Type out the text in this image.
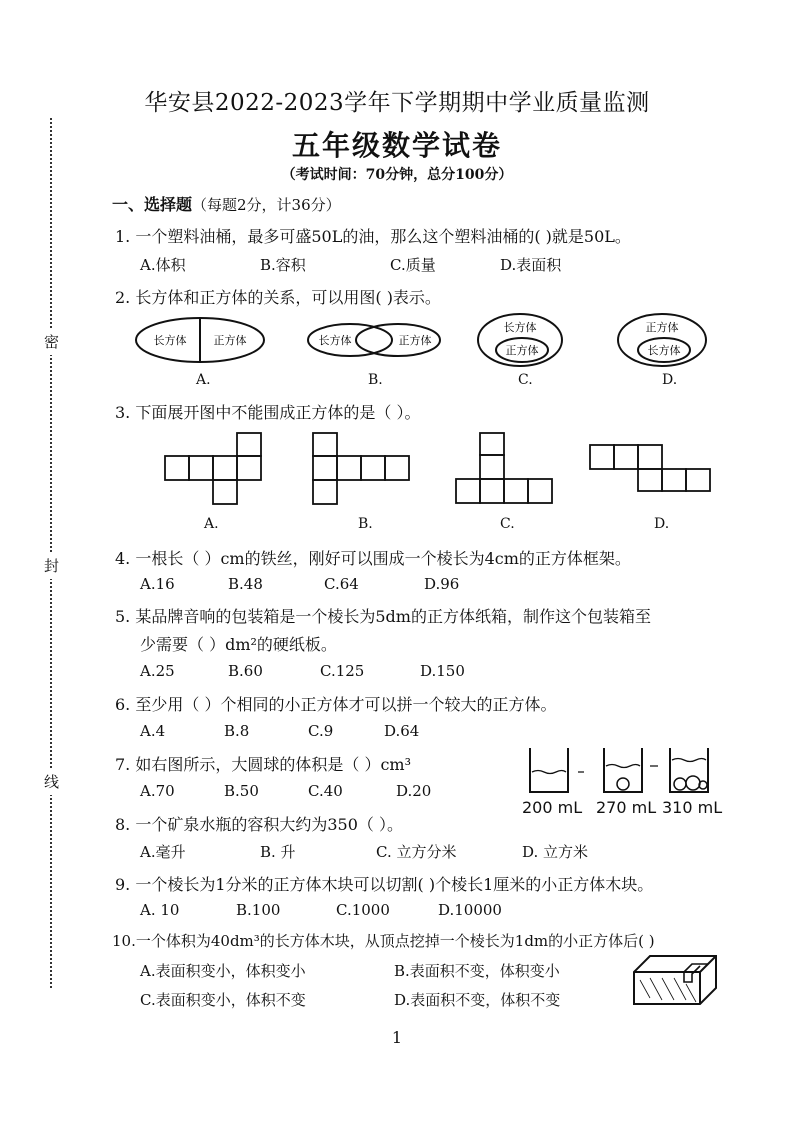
密
封
线
华安县2022-2023学年下学期期中学业质量监测
五年级数学试卷
（考试时间：70分钟，总分100分）
一、选择题（每题2分，计36分）
1. 一个塑料油桶，最多可盛50L的油，那么这个塑料油桶的( )就是50L。
A.体积	B.容积	C.质量	D.表面积
2. 长方体和正方体的关系，可以用图( )表示。
长方体 正方体	长方体	正方体
长方体
正方体
正方体
长方体
A.	B.	C.	D.
3. 下面展开图中不能围成正方体的是（ ）。
A.	B.	C.	D.
4. 一根长（ ）cm的铁丝，刚好可以围成一个棱长为4cm的正方体框架。
A.16	B.48	C.64	D.96
5. 某品牌音响的包装箱是一个棱长为5dm的正方体纸箱，制作这个包装箱至
少需要（ ）dm²的硬纸板。
A.25	B.60	C.125	D.150
6. 至少用（ ）个相同的小正方体才可以拼一个较大的正方体。
A.4	B.8	C.9	D.64
7. 如右图所示，大圆球的体积是（ ）cm³
A.70	B.50	C.40	D.20
200 mL 270 mL 310 mL
8. 一个矿泉水瓶的容积大约为350（ ）。
A.毫升	B. 升	C. 立方分米	D. 立方米
9. 一个棱长为1分米的正方体木块可以切割( )个棱长1厘米的小正方体木块。
A. 10	B.100	C.1000	D.10000
10.一个体积为40dm³的长方体木块，从顶点挖掉一个棱长为1dm的小正方体后( )
A.表面积变小，体积变小	B.表面积不变，体积变小
C.表面积变小，体积不变	D.表面积不变，体积不变
1
